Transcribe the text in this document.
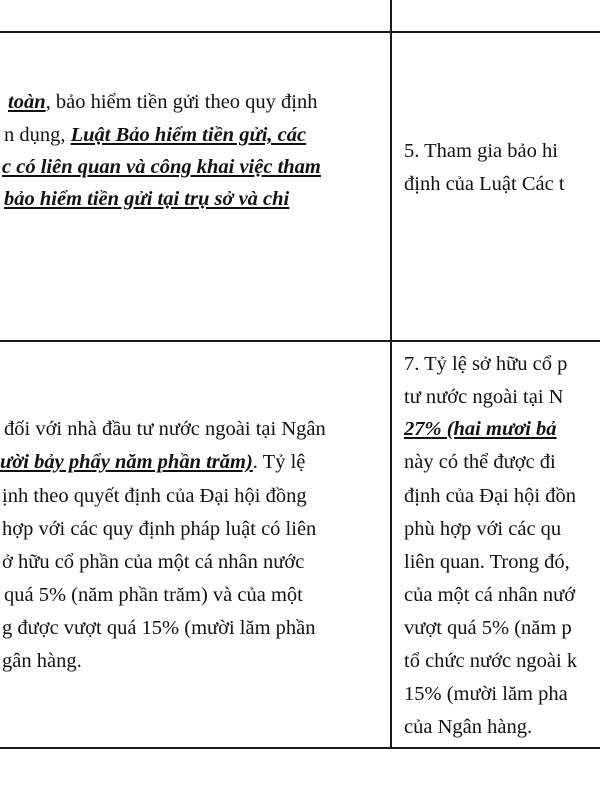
toàn, bảo hiểm tiền gửi theo quy định
n dụng, Luật Bảo hiểm tiền gửi, các
c có liên quan và công khai việc tham
bảo hiểm tiền gửi tại trụ sở và chi
5. Tham gia bảo hi
định của Luật Các t
đối với nhà đầu tư nước ngoài tại Ngân
ười bảy phẩy năm phần trăm). Tỷ lệ
ịnh theo quyết định của Đại hội đồng
hợp với các quy định pháp luật có liên
ở hữu cổ phần của một cá nhân nước
quá 5% (năm phần trăm) và của một
g được vượt quá 15% (mười lăm phần
gân hàng.
7. Tỷ lệ sở hữu cổ p
tư nước ngoài tại N
27% (hai mươi bả
này có thể được đi
định của Đại hội đồn
phù hợp với các qu
liên quan. Trong đó,
của một cá nhân nướ
vượt quá 5% (năm p
tổ chức nước ngoài k
15% (mười lăm pha
của Ngân hàng.
